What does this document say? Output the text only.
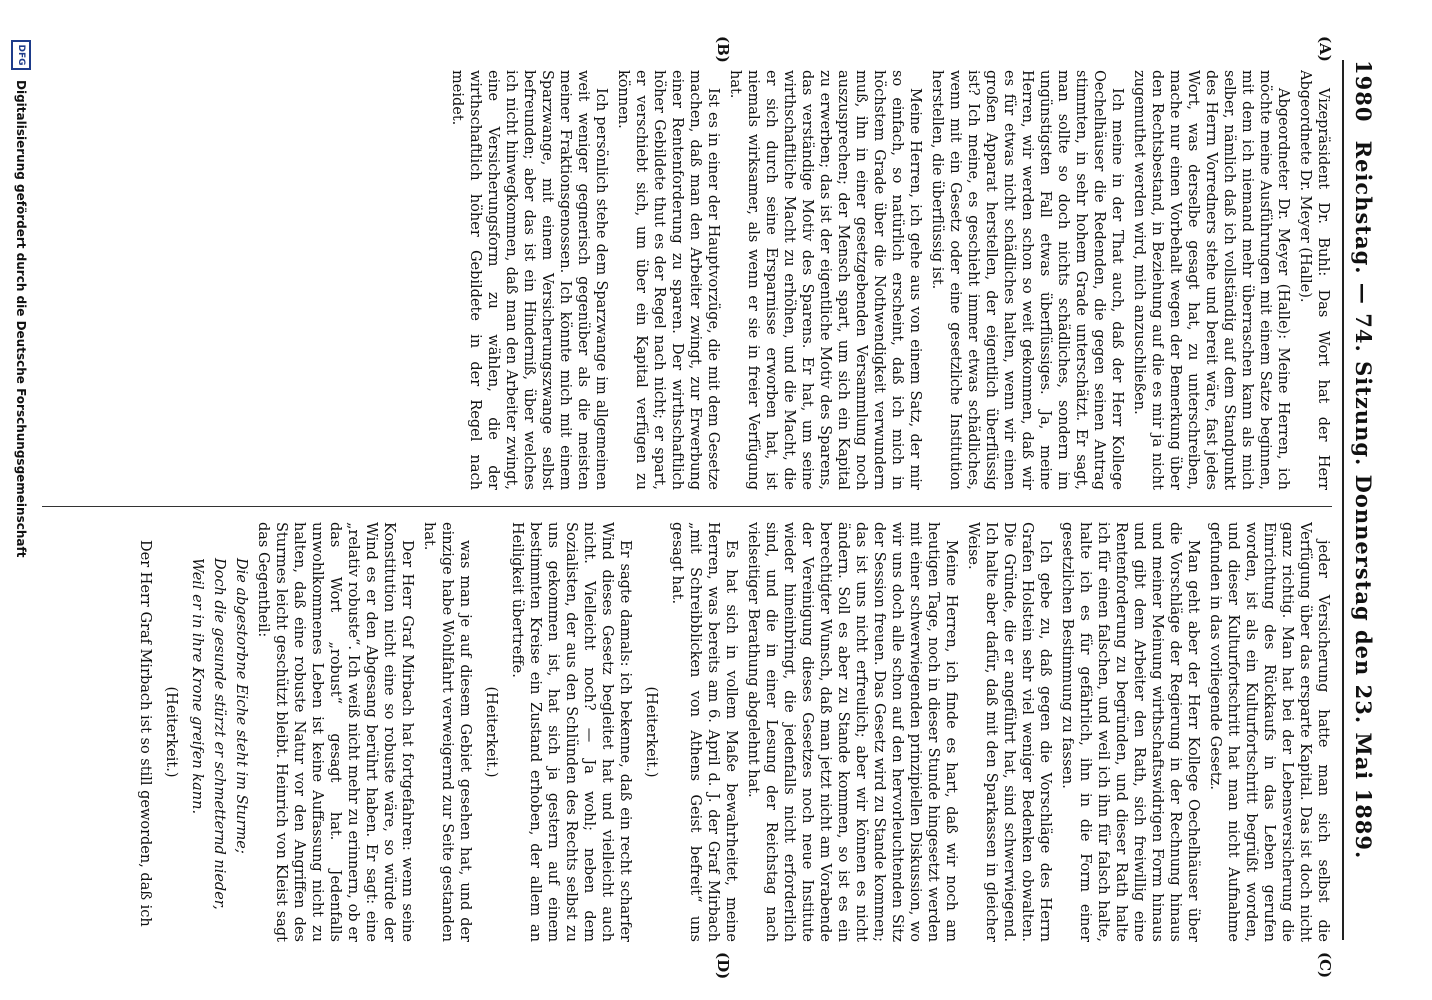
1980
Reichstag. — 74. Sitzung. Donnerstag den 23. Mai 1889.
(A)
(B)
(C)
(D)

Vizepräsident Dr. Buhl: Das Wort hat der Herr Abgeordnete Dr. Meyer (Halle).

Abgeordneter Dr. Meyer (Halle): Meine Herren, ich möchte meine Ausführungen mit einem Satze beginnen, mit dem ich niemand mehr überraschen kann als mich selber, nämlich daß ich vollständig auf dem Standpunkt des Herrn Vorredners stehe und bereit wäre, fast jedes Wort, was derselbe gesagt hat, zu unterschreiben, mache nur einen Vorbehalt wegen der Bemerkung über den Rechtsbestand, in Beziehung auf die es mir ja nicht zugemuthet werden wird, mich anzuschließen.

Ich meine in der That auch, daß der Herr Kollege Oechelhäuser die Redenden, die gegen seinen Antrag stimmten, in sehr hohem Grade unterschätzt. Er sagt, man sollte so doch nichts schädliches, sondern im ungünstigsten Fall etwas überflüssiges. Ja, meine Herren, wir werden schon so weit gekommen, daß wir es für etwas nicht schädliches halten, wenn wir einen großen Apparat herstellen, der eigentlich überflüssig ist? Ich meine, es geschieht immer etwas schädliches, wenn mit ein Gesetz oder eine gesetzliche Institution herstellen, die überflüssig ist.

Meine Herren, ich gehe aus von einem Satz, der mir so einfach, so natürlich erscheint, daß ich mich in höchstem Grade über die Nothwendigkeit verwundern muß, ihn in einer gesetzgebenden Versammlung noch auszusprechen; der Mensch spart, um sich ein Kapital zu erwerben; das ist der eigentliche Motiv des Sparens, das verständige Motiv des Sparens. Er hat, um seine wirthschaftliche Macht zu erhöhen, und die Macht, die er sich durch seine Ersparnisse erworben hat, ist niemals wirksamer, als wenn er sie in freier Verfügung hat.

Ist es in einer der Hauptvorzüge, die mit dem Gesetze machen, daß man den Arbeiter zwingt, zur Erwerbung einer Rentenforderung zu sparen. Der wirthschaftlich höher Gebildete thut es der Regel nach nicht; er spart, er verschiebt sich, um über ein Kapital verfügen zu können.

Ich persönlich stehe dem Sparzwange im allgemeinen weit weniger gegnerisch gegenüber als die meisten meiner Fraktionsgenossen. Ich könnte mich mit einem Sparzwange, mit einem Versicherungszwange selbst befreunden; aber das ist ein Hinderniß, über welches ich nicht hinwegkommen, daß man den Arbeiter zwingt, eine Versicherungsform zu wählen, die der wirthschaftlich höher Gebildete in der Regel nach meidet.

jeder Versicherung hatte man sich selbst die Verfügung über das ersparte Kapital. Das ist doch nicht ganz richtig. Man hat bei der Lebensversicherung die Einrichtung des Rückkaufs in das Leben gerufen worden, ist als ein Kulturfortschritt begrüßt worden, und dieser Kulturfortschritt hat man nicht Aufnahme gefunden in das vorliegende Gesetz.

Man geht aber der Herr Kollege Oechelhäuser über die Vorschläge der Regierung in der Rechnung hinaus und meiner Meinung wirthschaftswidrigen Form hinaus und gibt dem Arbeiter den Rath, sich freiwillig eine Rentenforderung zu begründen, und dieser Rath halte ich für einen falschen, und weil ich ihn für falsch halte, halte ich es für gefährlich, ihn in die Form einer gesetzlichen Bestimmung zu fassen.

Ich gebe zu, daß gegen die Vorschläge des Herrn Grafen Holstein sehr viel weniger Bedenken obwalten. Die Gründe, die er angeführt hat, sind schwerwiegend. Ich halte aber dafür, daß mit den Sparkassen in gleicher Weise.

Meine Herren, ich finde es hart, daß wir noch am heutigen Tage, noch in dieser Stunde hingesetzt werden mit einer schwerwiegenden prinzipiellen Diskussion, wo wir uns doch alle schon auf den hervorleuchtenden Sitz der Session freuen. Das Gesetz wird zu Stande kommen; das ist uns nicht erfreulich; aber wir können es nicht ändern. Soll es aber zu Stande kommen, so ist es ein berechtigter Wunsch, daß man jetzt nicht am Vorabende der Vereinigung dieses Gesetzes noch neue Institute wieder hineinbringt, die jedenfalls nicht erforderlich sind, und die in einer Lesung der Reichstag nach vielseitiger Berathung abgelehnt hat.

Es hat sich in vollem Maße bewahrheitet, meine Herren, was bereits am 6. April d. J. der Graf Mirbach „mit Schreibblicken von Athens Geist befreit“ uns gesagt hat.

(Heiterkeit.)

Er sagte damals: ich bekenne, daß ein recht scharfer Wind dieses Gesetz begleitet hat und vielleicht auch nicht. Vielleicht noch? — Ja wohl; neben dem Sozialisten, der aus den Schlünden des Rechts selbst zu uns gekommen ist, hat sich ja gestern auf einem bestimmten Kreise ein Zustand erhoben, der allem an Heiligkeit übertreffe.

(Heiterkeit.)

was man je auf diesem Gebiet gesehen hat, und der einzige habe Wohlfahrt verweigernd zur Seite gestanden hat.

Der Herr Graf Mirbach hat fortgefahren: wenn seine Konstitution nicht eine so robuste wäre, so würde der Wind es er den Abgesang berührt haben. Er sagt: eine „relativ robuste“. Ich weiß nicht mehr zu erinnern, ob er das Wort „robust“ gesagt hat. Jedenfalls unwohlkommenes Leben ist keine Auffassung nicht zu halten, daß eine robuste Natur vor den Angriffen des Sturmes leicht geschützt bleibt. Heinrich von Kleist sagt das Gegentheil:

Die abgestorbne Eiche steht im Sturme;

Doch die gesunde stürzt er schmetternd nieder,

Weil er in ihre Krone greifen kann.

(Heiterkeit.)

Der Herr Graf Mirbach ist so still geworden, daß ich

DFG
Digitalisierung gefördert durch die Deutsche Forschungsgemeinschaft
